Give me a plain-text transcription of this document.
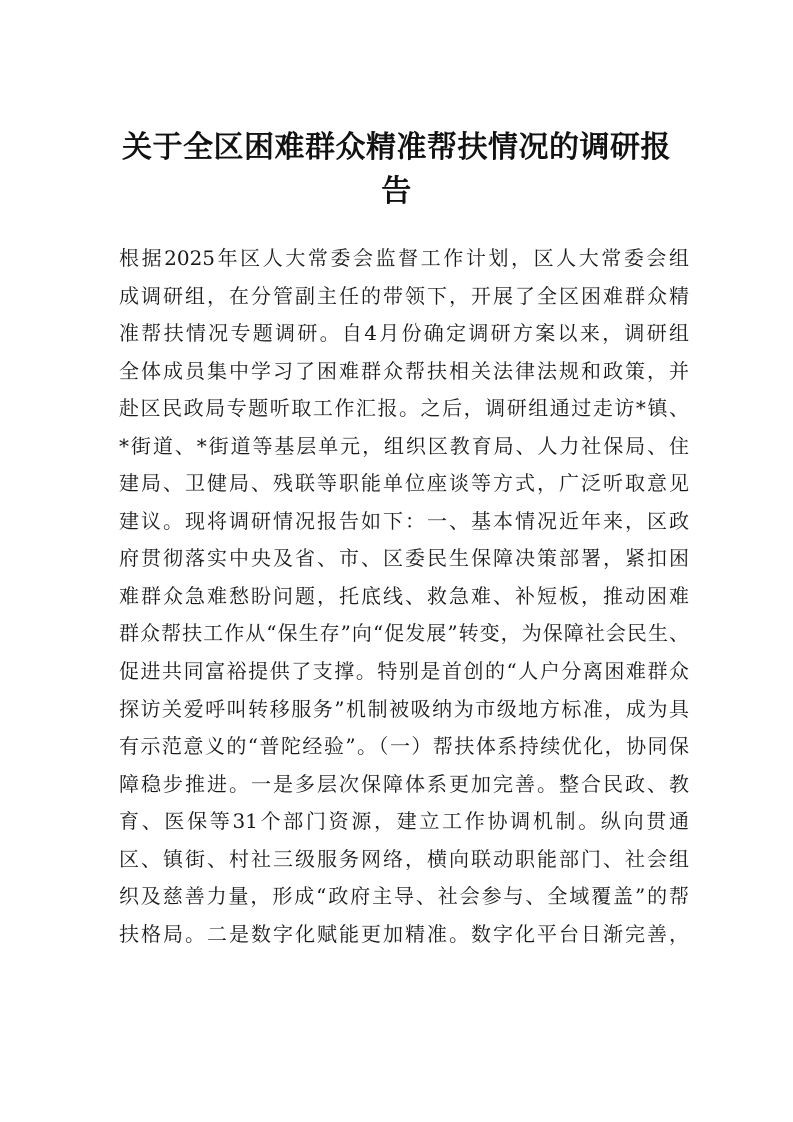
关于全区困难群众精准帮扶情况的调研报告
根据2025年区人大常委会监督工作计划，区人大常委会组
成调研组，在分管副主任的带领下，开展了全区困难群众精
准帮扶情况专题调研。自4月份确定调研方案以来，调研组
全体成员集中学习了困难群众帮扶相关法律法规和政策，并
赴区民政局专题听取工作汇报。之后，调研组通过走访*镇、
*街道、*街道等基层单元，组织区教育局、人力社保局、住
建局、卫健局、残联等职能单位座谈等方式，广泛听取意见
建议。现将调研情况报告如下：一、基本情况近年来，区政
府贯彻落实中央及省、市、区委民生保障决策部署，紧扣困
难群众急难愁盼问题，托底线、救急难、补短板，推动困难
群众帮扶工作从“保生存”向“促发展”转变，为保障社会民生、
促进共同富裕提供了支撑。特别是首创的“人户分离困难群众
探访关爱呼叫转移服务”机制被吸纳为市级地方标准，成为具
有示范意义的“普陀经验”。（一）帮扶体系持续优化，协同保
障稳步推进。一是多层次保障体系更加完善。整合民政、教
育、医保等31个部门资源，建立工作协调机制。纵向贯通
区、镇街、村社三级服务网络，横向联动职能部门、社会组
织及慈善力量，形成“政府主导、社会参与、全域覆盖”的帮
扶格局。二是数字化赋能更加精准。数字化平台日渐完善，
